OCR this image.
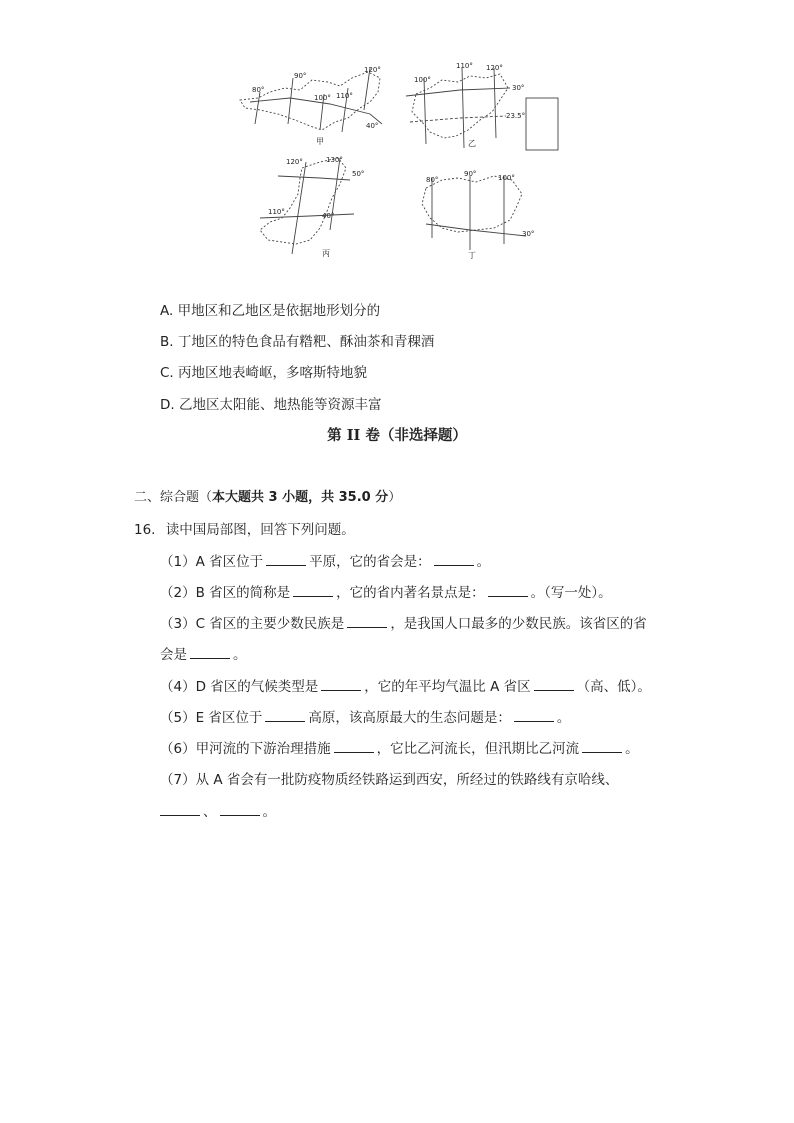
80°
90°
100° 110°
120°
40°
甲
100°
110° 120°
30°
23.5°
乙
120°	130°
50°
110°	40°
丙
80°
90°	100°
30°
丁
A. 甲地区和乙地区是依据地形划分的
B. 丁地区的特色食品有糌粑、酥油茶和青稞酒
C. 丙地区地表崎岖，多喀斯特地貌
D. 乙地区太阳能、地热能等资源丰富
第 II 卷（非选择题）
二、综合题（本大题共 3 小题，共 35.0 分）
16. 读中国局部图，回答下列问题。
（1）A 省区位于	平原，它的省会是：	。
（2）B 省区的简称是	，它的省内著名景点是：	。（写一处）。
（3）C 省区的主要少数民族是	，是我国人口最多的少数民族。该省区的省
会是	。
（4）D 省区的气候类型是	，它的年平均气温比 A 省区	（高、低）。
（5）E 省区位于	高原，该高原最大的生态问题是：	。
（6）甲河流的下游治理措施	，它比乙河流长，但汛期比乙河流	。
（7）从 A 省会有一批防疫物质经铁路运到西安，所经过的铁路线有京哈线、
、	。
